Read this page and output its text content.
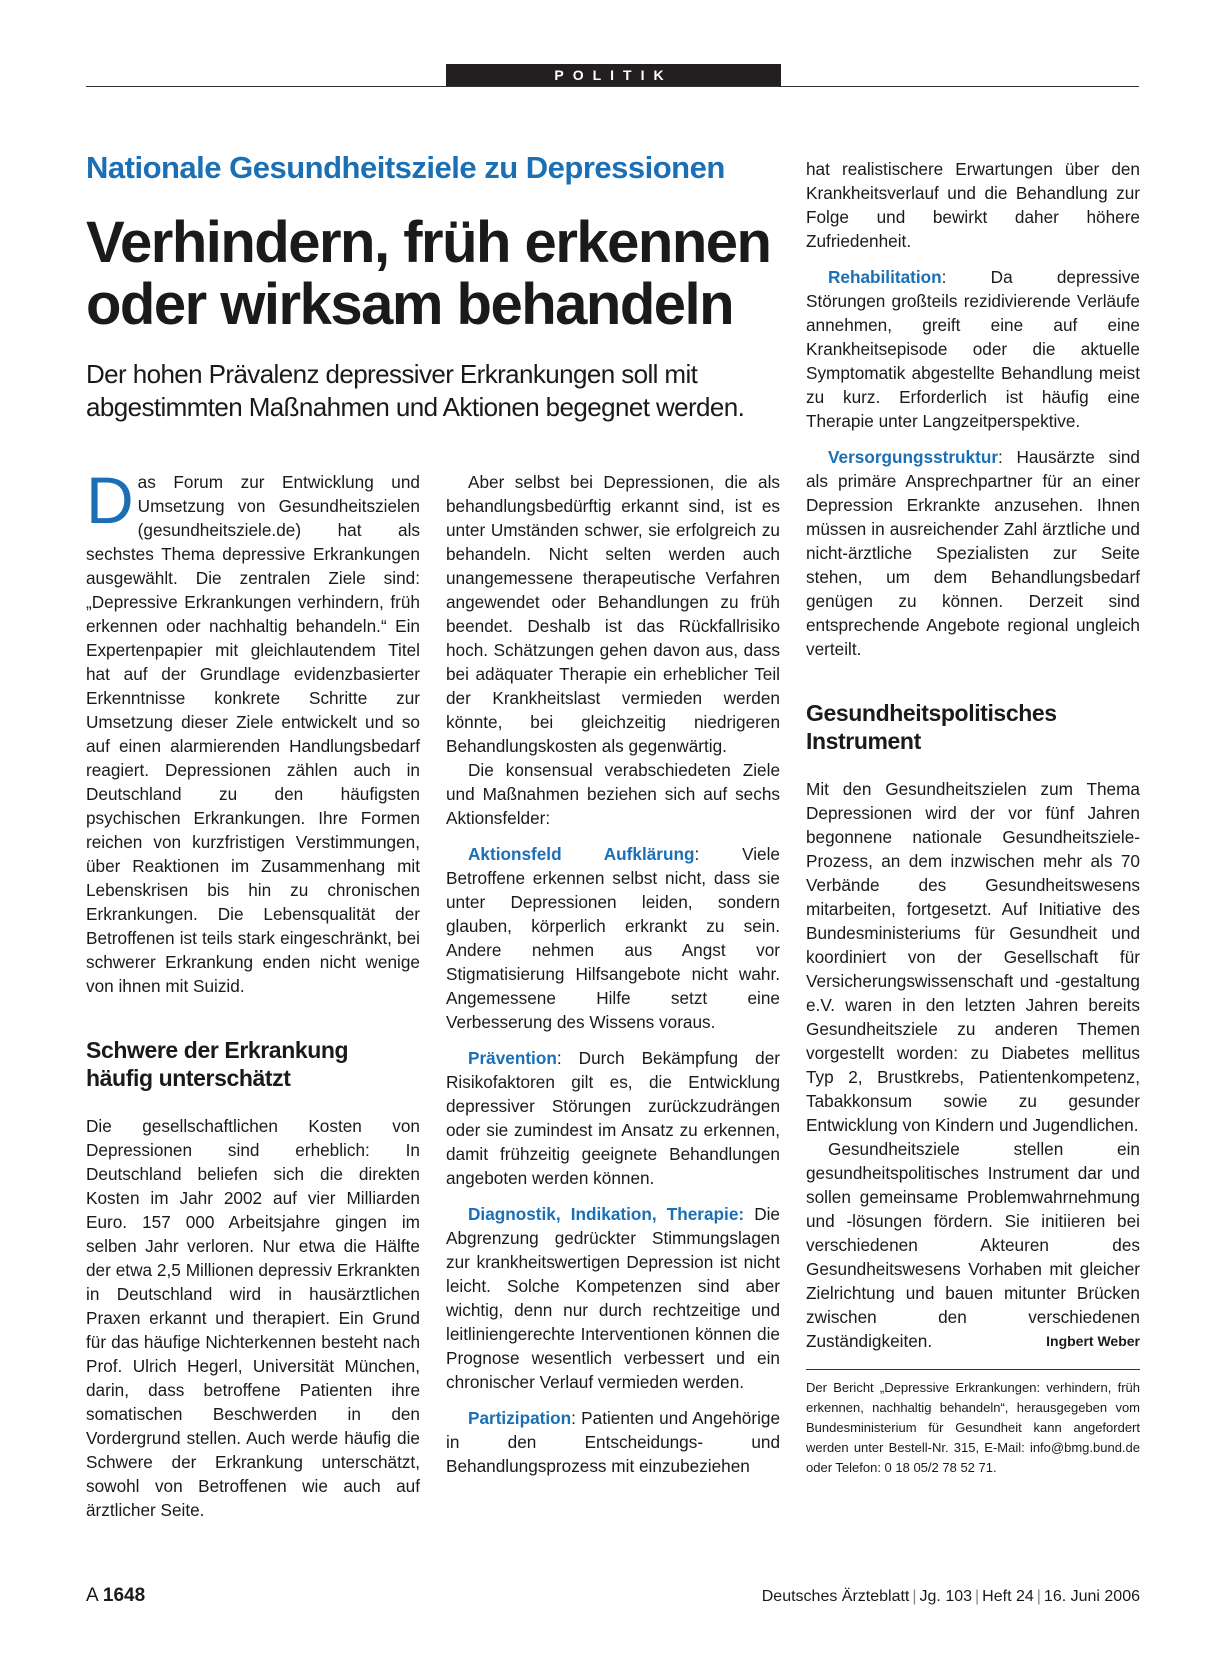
POLITIK
Nationale Gesundheitsziele zu Depressionen
Verhindern, früh erkennen oder wirksam behandeln

Der hohen Prävalenz depressiver Erkrankungen soll mit abgestimmten Maßnahmen und Aktionen begegnet werden.

Das Forum zur Entwicklung und Umsetzung von Gesundheitszielen (gesundheitsziele.de) hat als sechstes Thema depressive Erkrankungen ausgewählt. Die zentralen Ziele sind: „Depressive Erkrankungen verhindern, früh erkennen oder nachhaltig behandeln.“ Ein Expertenpapier mit gleichlautendem Titel hat auf der Grundlage evidenzbasierter Erkenntnisse konkrete Schritte zur Umsetzung dieser Ziele entwickelt und so auf einen alarmierenden Handlungsbedarf reagiert. Depressionen zählen auch in Deutschland zu den häufigsten psychischen Erkrankungen. Ihre Formen reichen von kurzfristigen Verstimmungen, über Reaktionen im Zusammenhang mit Lebenskrisen bis hin zu chronischen Erkrankungen. Die Lebensqualität der Betroffenen ist teils stark eingeschränkt, bei schwerer Erkrankung enden nicht wenige von ihnen mit Suizid.

Schwere der Erkrankung häufig unterschätzt

Die gesellschaftlichen Kosten von Depressionen sind erheblich: In Deutschland beliefen sich die direkten Kosten im Jahr 2002 auf vier Milliarden Euro. 157 000 Arbeitsjahre gingen im selben Jahr verloren. Nur etwa die Hälfte der etwa 2,5 Millionen depressiv Erkrankten in Deutschland wird in hausärztlichen Praxen erkannt und therapiert. Ein Grund für das häufige Nichterkennen besteht nach Prof. Ulrich Hegerl, Universität München, darin, dass betroffene Patienten ihre somatischen Beschwerden in den Vordergrund stellen. Auch werde häufig die Schwere der Erkrankung unterschätzt, sowohl von Betroffenen wie auch auf ärztlicher Seite.

Aber selbst bei Depressionen, die als behandlungsbedürftig erkannt sind, ist es unter Umständen schwer, sie erfolgreich zu behandeln. Nicht selten werden auch unangemessene therapeutische Verfahren angewendet oder Behandlungen zu früh beendet. Deshalb ist das Rückfallrisiko hoch. Schätzungen gehen davon aus, dass bei adäquater Therapie ein erheblicher Teil der Krankheitslast vermieden werden könnte, bei gleichzeitig niedrigeren Behandlungskosten als gegenwärtig.

Die konsensual verabschiedeten Ziele und Maßnahmen beziehen sich auf sechs Aktionsfelder:

Aktionsfeld Aufklärung: Viele Betroffene erkennen selbst nicht, dass sie unter Depressionen leiden, sondern glauben, körperlich erkrankt zu sein. Andere nehmen aus Angst vor Stigmatisierung Hilfsangebote nicht wahr. Angemessene Hilfe setzt eine Verbesserung des Wissens voraus.

Prävention: Durch Bekämpfung der Risikofaktoren gilt es, die Entwicklung depressiver Störungen zurückzudrängen oder sie zumindest im Ansatz zu erkennen, damit frühzeitig geeignete Behandlungen angeboten werden können.

Diagnostik, Indikation, Therapie: Die Abgrenzung gedrückter Stimmungslagen zur krankheitswertigen Depression ist nicht leicht. Solche Kompetenzen sind aber wichtig, denn nur durch rechtzeitige und leitliniengerechte Interventionen können die Prognose wesentlich verbessert und ein chronischer Verlauf vermieden werden.

Partizipation: Patienten und Angehörige in den Entscheidungs- und Behandlungsprozess mit einzubeziehen

hat realistischere Erwartungen über den Krankheitsverlauf und die Behandlung zur Folge und bewirkt daher höhere Zufriedenheit.

Rehabilitation: Da depressive Störungen großteils rezidivierende Verläufe annehmen, greift eine auf eine Krankheitsepisode oder die aktuelle Symptomatik abgestellte Behandlung meist zu kurz. Erforderlich ist häufig eine Therapie unter Langzeitperspektive.

Versorgungsstruktur: Hausärzte sind als primäre Ansprechpartner für an einer Depression Erkrankte anzusehen. Ihnen müssen in ausreichender Zahl ärztliche und nicht-ärztliche Spezialisten zur Seite stehen, um dem Behandlungsbedarf genügen zu können. Derzeit sind entsprechende Angebote regional ungleich verteilt.

Gesundheitspolitisches Instrument

Mit den Gesundheitszielen zum Thema Depressionen wird der vor fünf Jahren begonnene nationale Gesundheitsziele-Prozess, an dem inzwischen mehr als 70 Verbände des Gesundheitswesens mitarbeiten, fortgesetzt. Auf Initiative des Bundesministeriums für Gesundheit und koordiniert von der Gesellschaft für Versicherungswissenschaft und -gestaltung e.V. waren in den letzten Jahren bereits Gesundheitsziele zu anderen Themen vorgestellt worden: zu Diabetes mellitus Typ 2, Brustkrebs, Patientenkompetenz, Tabakkonsum sowie zu gesunder Entwicklung von Kindern und Jugendlichen.

Gesundheitsziele stellen ein gesundheitspolitisches Instrument dar und sollen gemeinsame Problemwahrnehmung und -lösungen fördern. Sie initiieren bei verschiedenen Akteuren des Gesundheitswesens Vorhaben mit gleicher Zielrichtung und bauen mitunter Brücken zwischen den verschiedenen Zuständigkeiten.	Ingbert Weber

Der Bericht „Depressive Erkrankungen: verhindern, früh erkennen, nachhaltig behandeln“, herausgegeben vom Bundesministerium für Gesundheit kann angefordert werden unter Bestell-Nr. 315, E-Mail: info@bmg.bund.de oder Telefon: 0 18 05/2 78 52 71.

A 1648	Deutsches Ärzteblatt | Jg. 103 | Heft 24 | 16. Juni 2006
